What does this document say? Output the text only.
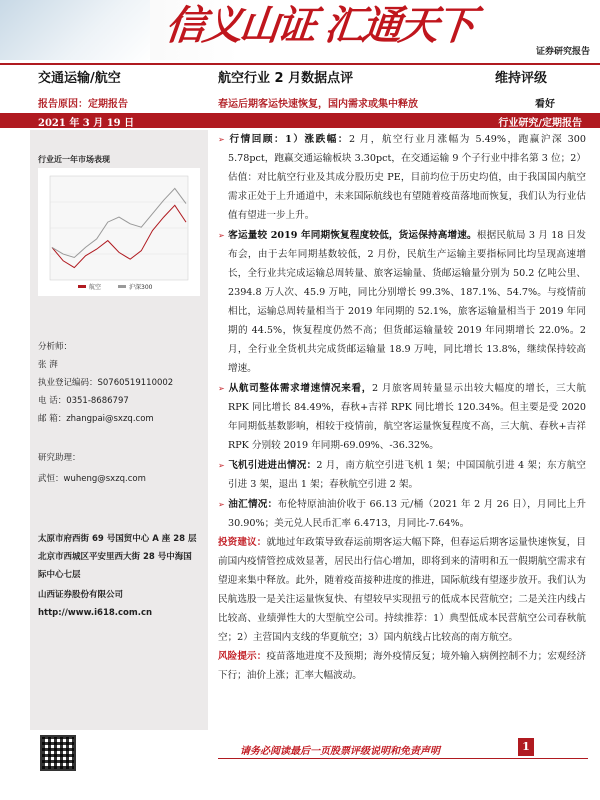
信义山证 汇通天下
证券研究报告
交通运输/航空	航空行业 2 月数据点评	维持评级
报告原因：定期报告	春运后期客运快速恢复，国内需求或集中释放	看好
2021 年 3 月 19 日	行业研究/定期报告
行业近一年市场表现
航空	沪深300
分析师：
张 湃
执业登记编码：S0760519110002
电 话：0351-8686797
邮 箱：zhangpai@sxzq.com
研究助理：
武恒：wuheng@sxzq.com
太原市府西街 69 号国贸中心 A 座 28 层
北京市西城区平安里西大街 28 号中海国
际中心七层
山西证券股份有限公司
http://www.i618.com.cn
➢ 行情回顾：1）涨跌幅：2 月，航空行业月涨幅为 5.49%，跑赢沪深 300 5.78pct，跑赢交通运输板块 3.30pct，在交通运输 9 个子行业中排名第 3 位；2）估值：对比航空行业及其成分股历史 PE，目前均位于历史均值，由于我国国内航空需求正处于上升通道中，未来国际航线也有望随着疫苗落地而恢复，我们认为行业估值有望进一步上升。
➢ 客运量较 2019 年同期恢复程度较低，货运保持高增速。根据民航局 3 月 18 日发布会，由于去年同期基数较低，2 月份，民航生产运输主要指标同比均呈现高速增长，全行业共完成运输总周转量、旅客运输量、货邮运输量分别为 50.2 亿吨公里、2394.8 万人次、45.9 万吨，同比分别增长 99.3%、187.1%、54.7%。与疫情前相比，运输总周转量相当于 2019 年同期的 52.1%，旅客运输量相当于 2019 年同期的 44.5%，恢复程度仍然不高；但货邮运输量较 2019 年同期增长 22.0%。2 月，全行业全货机共完成货邮运输量 18.9 万吨，同比增长 13.8%，继续保持较高增速。
➢ 从航司整体需求增速情况来看，2 月旅客周转量显示出较大幅度的增长，三大航 RPK 同比增长 84.49%，春秋+吉祥 RPK 同比增长 120.34%。但主要是受 2020 年同期低基数影响，相较于疫情前，航空客运量恢复程度不高，三大航、春秋+吉祥 RPK 分别较 2019 年同期-69.09%、-36.32%。
➢ 飞机引进进出情况：2 月，南方航空引进飞机 1 架；中国国航引进 4 架；东方航空引进 3 架，退出 1 架；春秋航空引进 2 架。
➢ 油汇情况：布伦特原油油价收于 66.13 元/桶（2021 年 2 月 26 日），月同比上升 30.90%；美元兑人民币汇率 6.4713，月同比-7.64%。
投资建议：就地过年政策导致春运前期客运大幅下降，但春运后期客运量快速恢复，目前国内疫情管控成效显著，居民出行信心增加，即将到来的清明和五一假期航空需求有望迎来集中释放。此外，随着疫苗接种进度的推进，国际航线有望逐步放开。我们认为民航选股一是关注运量恢复快、有望较早实现扭亏的低成本民营航空；二是关注内线占比较高、业绩弹性大的大型航空公司。持续推荐：1）典型低成本民营航空公司春秋航空；2）主营国内支线的华夏航空；3）国内航线占比较高的南方航空。
风险提示：疫苗落地进度不及预期；海外疫情反复；境外输入病例控制不力；宏观经济下行；油价上涨；汇率大幅波动。
请务必阅读最后一页股票评级说明和免责声明	1
